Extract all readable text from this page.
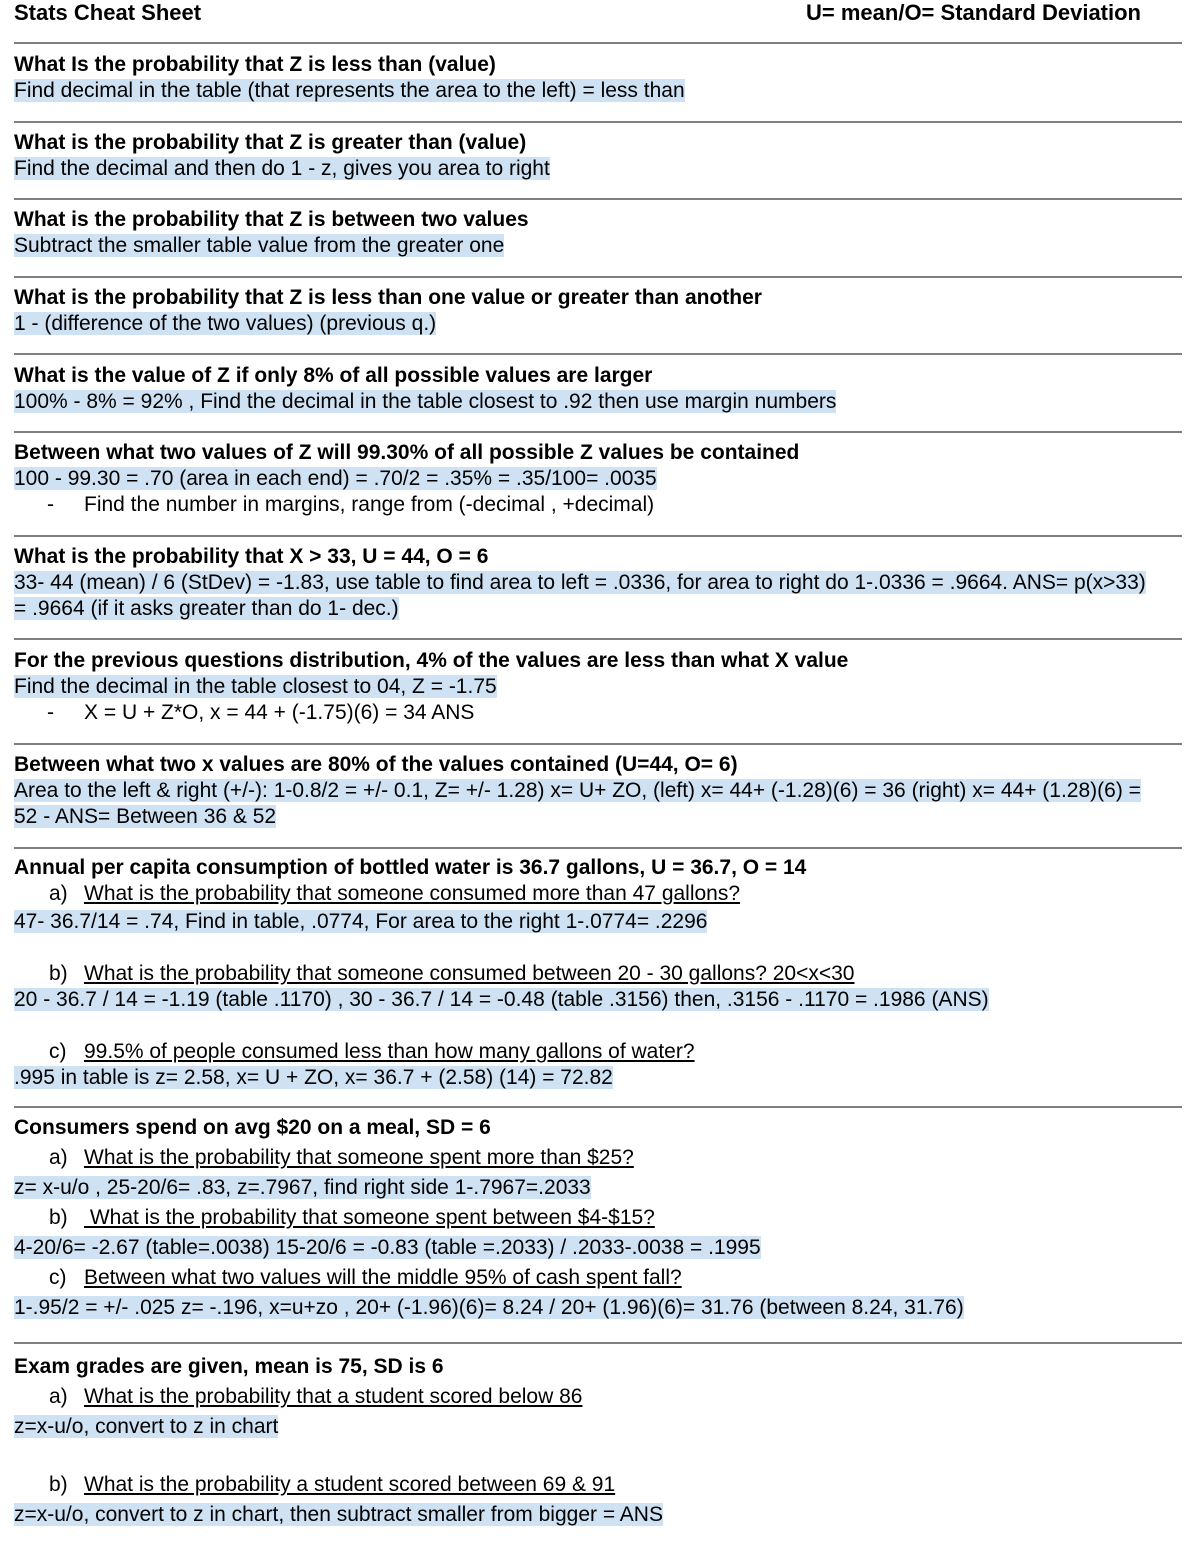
Stats Cheat Sheet	U= mean/O= Standard Deviation
What Is the probability that Z is less than (value)
Find decimal in the table (that represents the area to the left) = less than
What is the probability that Z is greater than (value)
Find the decimal and then do 1 - z, gives you area to right
What is the probability that Z is between two values
Subtract the smaller table value from the greater one
What is the probability that Z is less than one value or greater than another
1 - (difference of the two values) (previous q.)
What is the value of Z if only 8% of all possible values are larger
100% - 8% = 92% , Find the decimal in the table closest to .92 then use margin numbers
Between what two values of Z will 99.30% of all possible Z values be contained
100 - 99.30 = .70 (area in each end) = .70/2 = .35% = .35/100= .0035
- Find the number in margins, range from (-decimal , +decimal)
What is the probability that X > 33, U = 44, O = 6
33- 44 (mean) / 6 (StDev) = -1.83, use table to find area to left = .0336, for area to right do 1-.0336 = .9664. ANS= p(x>33) = .9664 (if it asks greater than do 1- dec.)
For the previous questions distribution, 4% of the values are less than what X value
Find the decimal in the table closest to 04, Z = -1.75
- X = U + Z*O, x = 44 + (-1.75)(6) = 34 ANS
Between what two x values are 80% of the values contained (U=44, O= 6)
Area to the left & right (+/-): 1-0.8/2 = +/- 0.1, Z= +/- 1.28) x= U+ ZO, (left) x= 44+ (-1.28)(6) = 36 (right) x= 44+ (1.28)(6) = 52 - ANS= Between 36 & 52
Annual per capita consumption of bottled water is 36.7 gallons, U = 36.7, O = 14
a) What is the probability that someone consumed more than 47 gallons?
47- 36.7/14 = .74, Find in table, .0774, For area to the right 1-.0774= .2296
b) What is the probability that someone consumed between 20 - 30 gallons? 20<x<30
20 - 36.7 / 14 = -1.19 (table .1170) , 30 - 36.7 / 14 = -0.48 (table .3156) then, .3156 - .1170 = .1986 (ANS)
c) 99.5% of people consumed less than how many gallons of water?
.995 in table is z= 2.58, x= U + ZO, x= 36.7 + (2.58) (14) = 72.82
Consumers spend on avg $20 on a meal, SD = 6
a) What is the probability that someone spent more than $25?
z= x-u/o , 25-20/6= .83, z=.7967, find right side 1-.7967=.2033
b) What is the probability that someone spent between $4-$15?
4-20/6= -2.67 (table=.0038) 15-20/6 = -0.83 (table =.2033) / .2033-.0038 = .1995
c) Between what two values will the middle 95% of cash spent fall?
1-.95/2 = +/- .025 z= -.196, x=u+zo , 20+ (-1.96)(6)= 8.24 / 20+ (1.96)(6)= 31.76 (between 8.24, 31.76)
Exam grades are given, mean is 75, SD is 6
a) What is the probability that a student scored below 86
z=x-u/o, convert to z in chart
b) What is the probability a student scored between 69 & 91
z=x-u/o, convert to z in chart, then subtract smaller from bigger = ANS
